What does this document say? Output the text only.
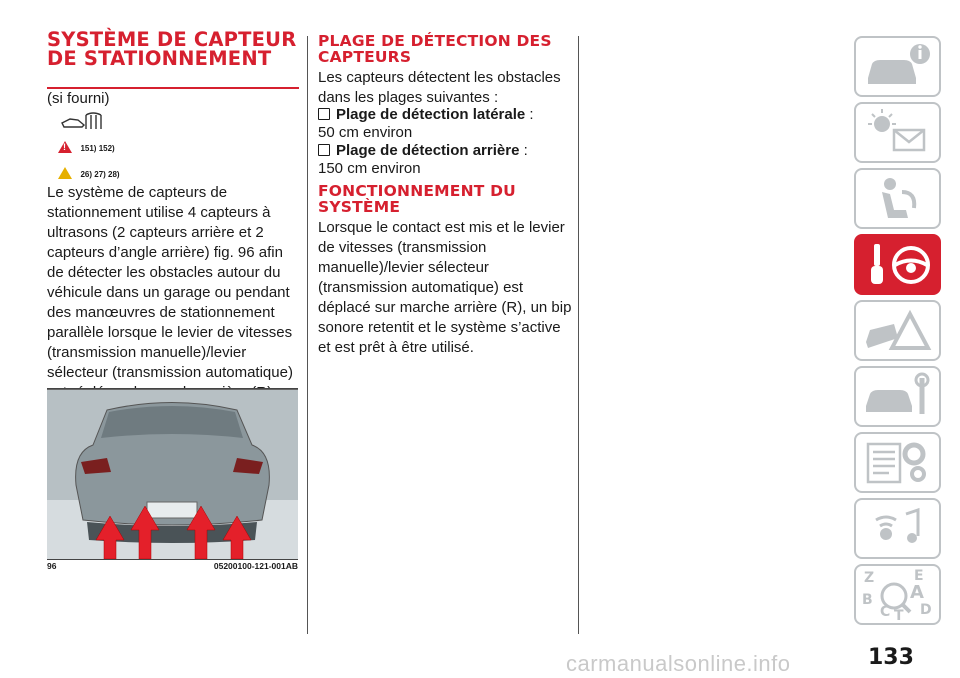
SYSTÈME DE CAPTEUR DE STATIONNEMENT
(si fourni)
! 151) 152)
26) 27) 28)

Le système de capteurs de stationnement utilise 4 capteurs à ultrasons (2 capteurs arrière et 2 capteurs d’angle arrière) fig. 96 afin de détecter les obstacles autour du véhicule dans un garage ou pendant des manœuvres de stationnement parallèle lorsque le levier de vitesses (transmission manuelle)/levier sélecteur (transmission automatique)

96	05200100-121-001AB
PLAGE DE DÉTECTION DES CAPTEURS

Les capteurs détectent les obstacles dans les plages suivantes :

Plage de détection latérale :
50 cm environ
Plage de détection arrière :
150 cm environ
FONCTIONNEMENT DU SYSTÈME

Lorsque le contact est mis et le levier de vitesses (transmission manuelle)/levier sélecteur (transmission automatique) est déplacé sur marche arrière (R), un bip sonore retentit et le système s’active et est prêt à être utilisé.

Z	E
B A
C D
T
133
carmanualsonline.info
